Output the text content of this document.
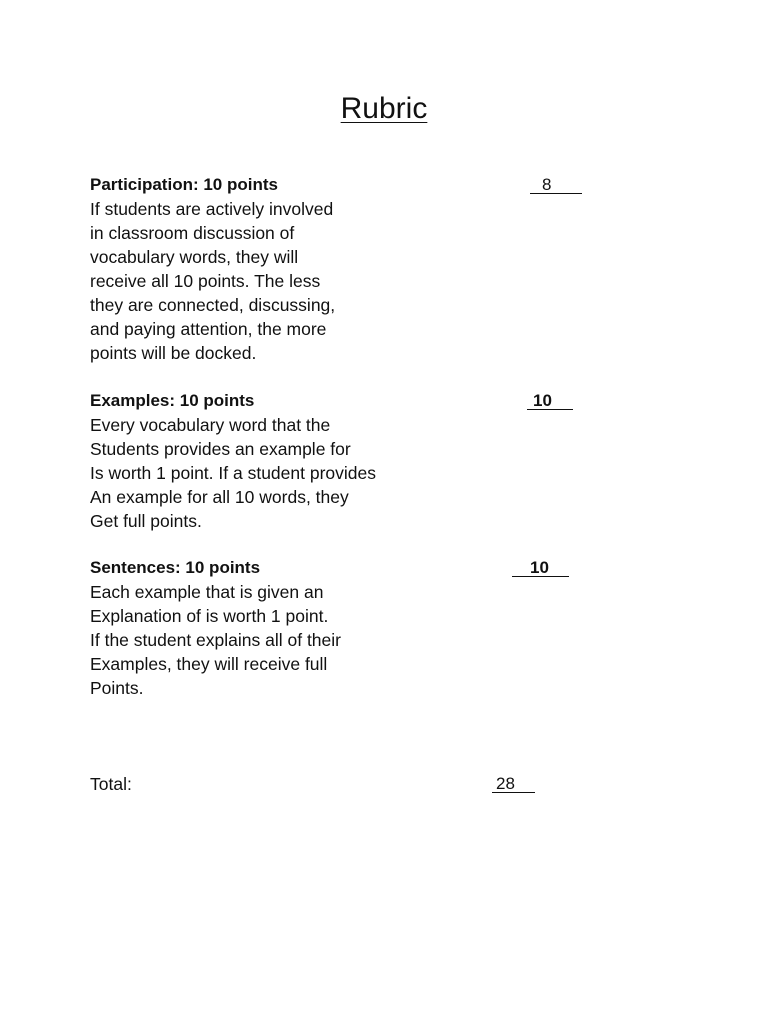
Rubric

Participation: 10 points

If students are actively involved
in classroom discussion of
vocabulary words, they will
receive all 10 points. The less
they are connected, discussing,
and paying attention, the more
points will be docked.

8

Examples: 10 points

Every vocabulary word that the
Students provides an example for
Is worth 1 point. If a student provides
An example for all 10 words, they
Get full points.

10

Sentences: 10 points

Each example that is given an
Explanation of is worth 1 point.
If the student explains all of their
Examples, they will receive full
Points.

10
Total:	28
